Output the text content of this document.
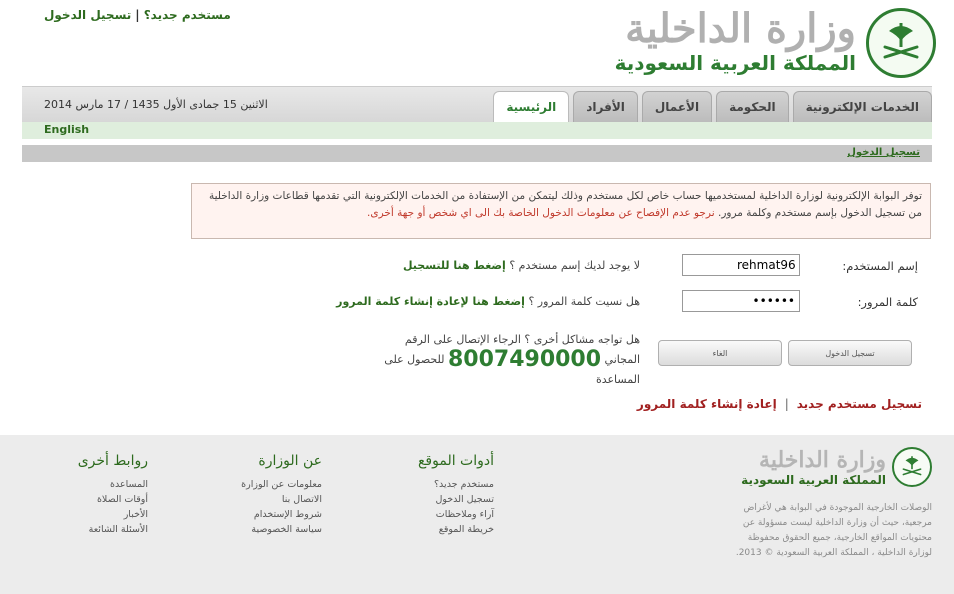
وزارة الداخلية
المملكة العربية السعودية
مستخدم جديد؟|تسجيل الدخول
الاثنين 15 جمادى الأول 1435 / 17 مارس 2014	الرئيسية	الأفراد	الأعمال	الحكومة	الخدمات الإلكترونية
English
تسجيل الدخول
توفر البوابة الإلكترونية لوزارة الداخلية لمستخدميها حساب خاص لكل مستخدم وذلك ليتمكن من الإستفادة من الخدمات الإلكترونية التي تقدمها قطاعات وزارة الداخلية من تسجيل الدخول بإسم مستخدم وكلمة مرور. نرجو عدم الإفصاح عن معلومات الدخول الخاصة بك الى اي شخص أو جهة أخرى.
إسم المستخدم:
rehmat964
لا يوجد لديك إسم مستخدم ؟ إضغط هنا للتسجيل
كلمة المرور:
••••••
هل نسيت كلمة المرور ؟ إضغط هنا لإعادة إنشاء كلمة المرور
هل تواجه مشاكل أخرى ؟ الرجاء الإتصال على الرقم
المجاني 8007490000 للحصول على المساعدة
تسجيل الدخول
الغاء
تسجيل مستخدم جديد|إعادة إنشاء كلمة المرور
وزارة الداخلية
المملكة العربية السعودية
الوصلات الخارجية الموجودة في البوابة هي لأغراض مرجعية، حيث أن وزارة الداخلية ليست مسؤولة عن محتويات المواقع الخارجية، جميع الحقوق محفوظة لوزارة الداخلية ، المملكة العربية السعودية © 2013.
أدوات الموقع
مستخدم جديد؟
تسجيل الدخول
آراء وملاحظات
خريطة الموقع
عن الوزارة
معلومات عن الوزارة
الاتصال بنا
شروط الإستخدام
سياسة الخصوصية
روابط أخرى
المساعدة
أوقات الصلاة
الأخبار
الأسئلة الشائعة
